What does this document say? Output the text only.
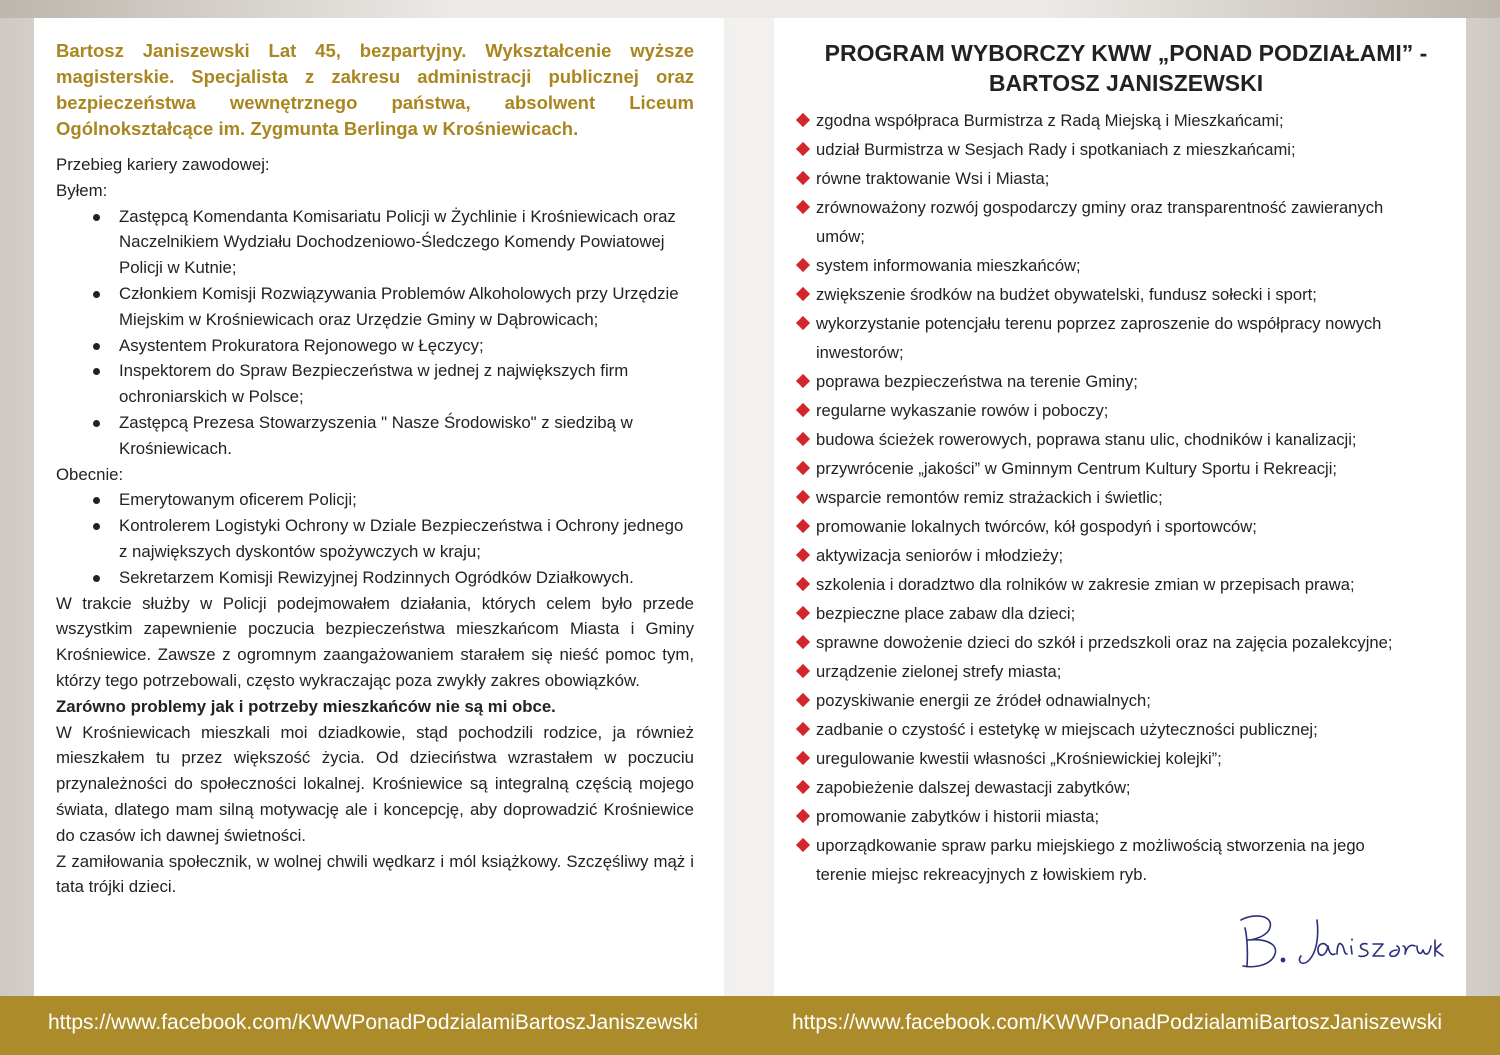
Bartosz Janiszewski Lat 45, bezpartyjny. Wykształcenie wyższe magisterskie. Specjalista z zakresu administracji publicznej oraz bezpieczeństwa wewnętrznego państwa, absolwent Liceum Ogólnokształcące im. Zygmunta Berlinga w Krośniewicach.
Przebieg kariery zawodowej:
Byłem:
Zastępcą Komendanta Komisariatu Policji w Żychlinie i Krośniewicach oraz Naczelnikiem Wydziału Dochodzeniowo-Śledczego Komendy Powiatowej Policji w Kutnie;
Członkiem Komisji Rozwiązywania Problemów Alkoholowych przy Urzędzie Miejskim w Krośniewicach oraz Urzędzie Gminy w Dąbrowicach;
Asystentem Prokuratora Rejonowego w Łęczycy;
Inspektorem do Spraw Bezpieczeństwa w jednej z największych firm ochroniarskich w Polsce;
Zastępcą Prezesa Stowarzyszenia " Nasze Środowisko" z siedzibą w Krośniewicach.
Obecnie:
Emerytowanym oficerem Policji;
Kontrolerem Logistyki Ochrony w Dziale Bezpieczeństwa i Ochrony jednego z największych dyskontów spożywczych w kraju;
Sekretarzem Komisji Rewizyjnej Rodzinnych Ogródków Działkowych.

W trakcie służby w Policji podejmowałem działania, których celem było przede wszystkim zapewnienie poczucia bezpieczeństwa mieszkańcom Miasta i Gminy Krośniewice. Zawsze z ogromnym zaangażowaniem starałem się nieść pomoc tym, którzy tego potrzebowali, często wykraczając poza zwykły zakres obowiązków.

Zarówno problemy jak i potrzeby mieszkańców nie są mi obce.

W Krośniewicach mieszkali moi dziadkowie, stąd pochodzili rodzice, ja również mieszkałem tu przez większość życia. Od dzieciństwa wzrastałem w poczuciu przynależności do społeczności lokalnej. Krośniewice są integralną częścią mojego świata, dlatego mam silną motywację ale i koncepcję, aby doprowadzić Krośniewice do czasów ich dawnej świetności.

Z zamiłowania społecznik, w wolnej chwili wędkarz i mól książkowy. Szczęśliwy mąż i tata trójki dzieci.

PROGRAM WYBORCZY KWW „PONAD PODZIAŁAMI” -
BARTOSZ JANISZEWSKI
zgodna współpraca Burmistrza z Radą Miejską i Mieszkańcami;
udział Burmistrza w Sesjach Rady i spotkaniach z mieszkańcami;
równe traktowanie Wsi i Miasta;
zrównoważony rozwój gospodarczy gminy oraz transparentność zawieranych umów;
system informowania mieszkańców;
zwiększenie środków na budżet obywatelski, fundusz sołecki i sport;
wykorzystanie potencjału terenu poprzez zaproszenie do współpracy nowych inwestorów;
poprawa bezpieczeństwa na terenie Gminy;
regularne wykaszanie rowów i poboczy;
budowa ścieżek rowerowych, poprawa stanu ulic, chodników i kanalizacji;
przywrócenie „jakości” w Gminnym Centrum Kultury Sportu i Rekreacji;
wsparcie remontów remiz strażackich i świetlic;
promowanie lokalnych twórców, kół gospodyń i sportowców;
aktywizacja seniorów i młodzieży;
szkolenia i doradztwo dla rolników w zakresie zmian w przepisach prawa;
bezpieczne place zabaw dla dzieci;
sprawne dowożenie dzieci do szkół i przedszkoli oraz na zajęcia pozalekcyjne;
urządzenie zielonej strefy miasta;
pozyskiwanie energii ze źródeł odnawialnych;
zadbanie o czystość i estetykę w miejscach użyteczności publicznej;
uregulowanie kwestii własności „Krośniewickiej kolejki”;
zapobieżenie dalszej dewastacji zabytków;
promowanie zabytków i historii miasta;
uporządkowanie spraw parku miejskiego z możliwością stworzenia na jego terenie miejsc rekreacyjnych z łowiskiem ryb.
https://www.facebook.com/KWWPonadPodzialamiBartoszJaniszewski	https://www.facebook.com/KWWPonadPodzialamiBartoszJaniszewski
